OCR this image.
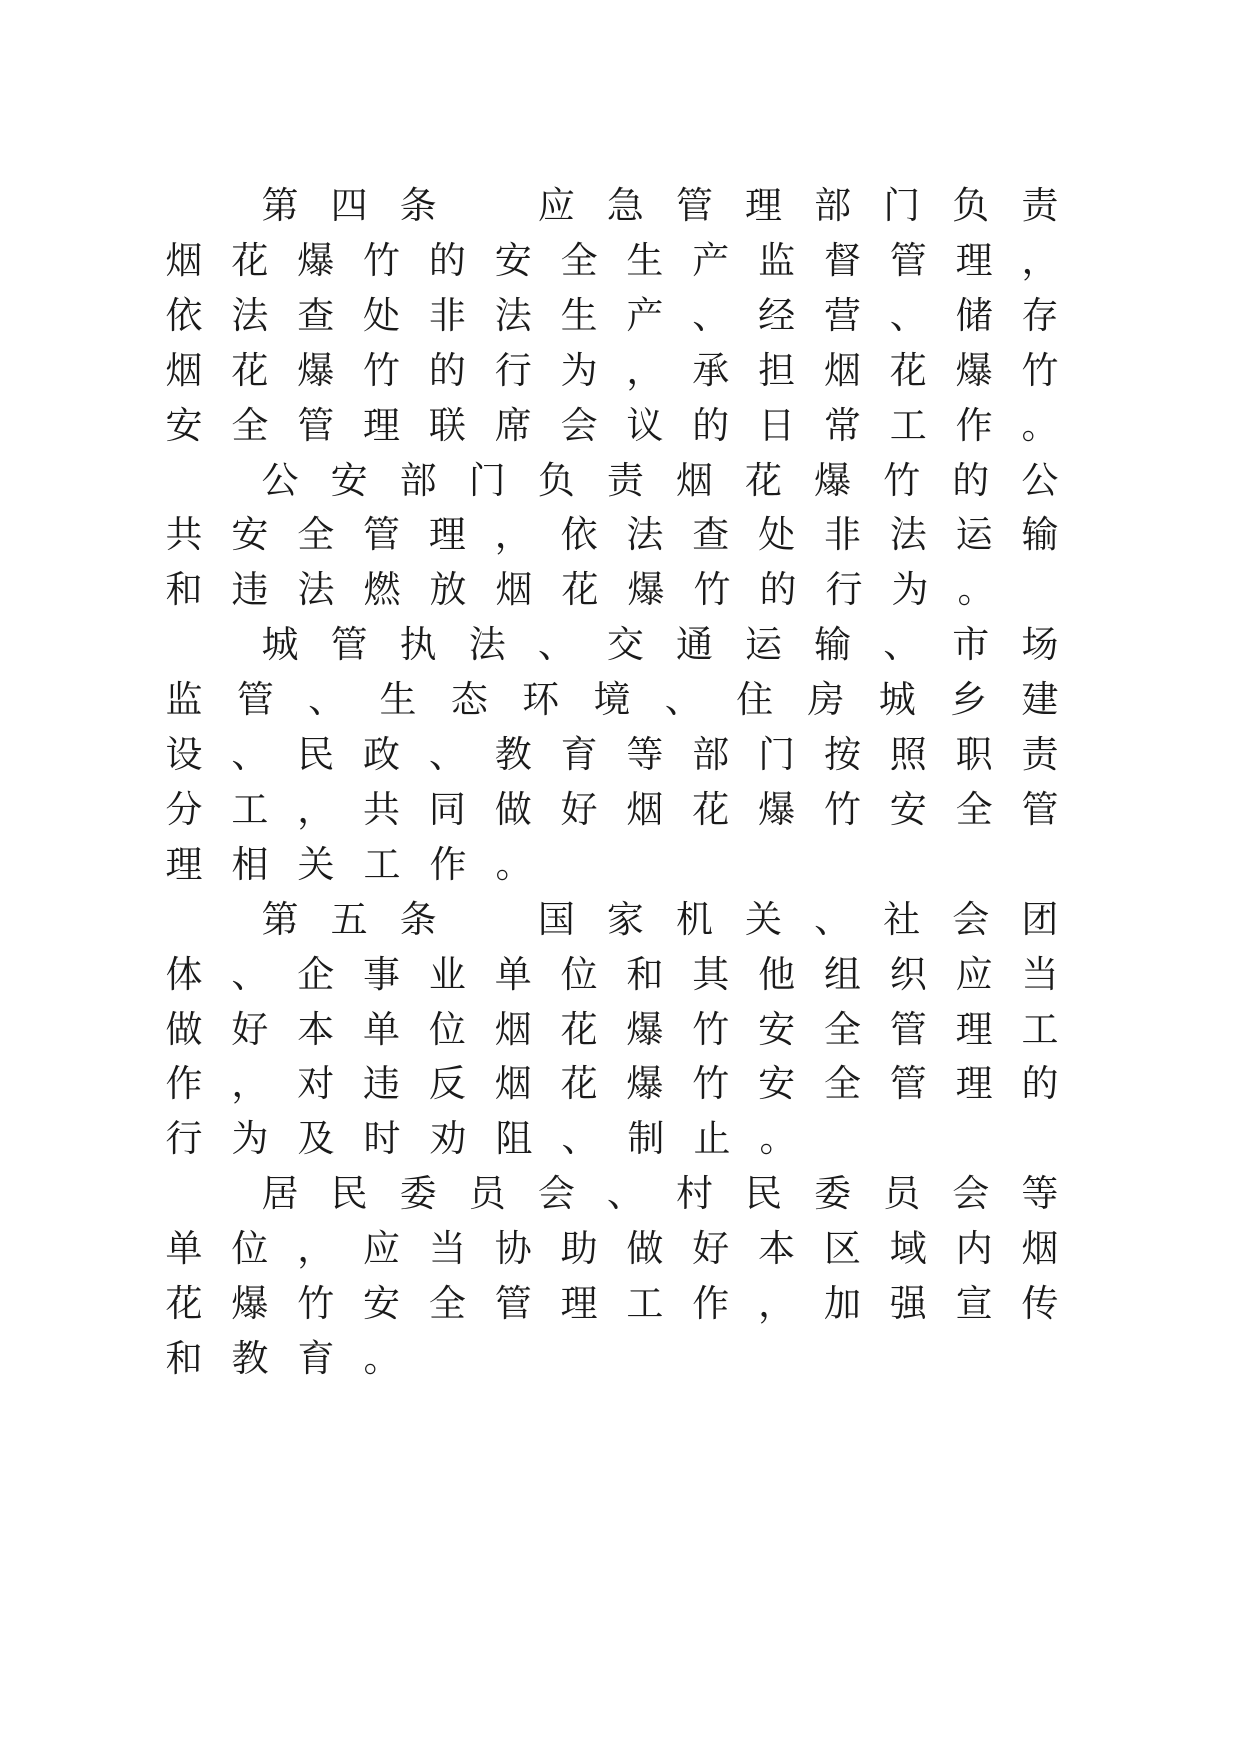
第 四 条	应 急 管 理 部 门 负 责
烟 花 爆 竹 的 安 全 生 产 监 督 管 理 ，
依 法 查 处 非 法 生 产 、 经 营 、 储 存
烟 花 爆 竹 的 行 为 ， 承 担 烟 花 爆 竹
安 全 管 理 联 席 会 议 的 日 常 工 作 。
公 安 部 门 负 责 烟 花 爆 竹 的 公
共 安 全 管 理 ， 依 法 查 处 非 法 运 输
和 违 法 燃 放 烟 花 爆 竹 的 行 为 。
城 管 执 法 、 交 通 运 输 、 市 场
监 管 、 生 态 环 境 、 住 房 城 乡 建
设 、 民 政 、 教 育 等 部 门 按 照 职 责
分 工 ， 共 同 做 好 烟 花 爆 竹 安 全 管
理 相 关 工 作 。
第 五 条	国 家 机 关 、 社 会 团
体 、 企 事 业 单 位 和 其 他 组 织 应 当
做 好 本 单 位 烟 花 爆 竹 安 全 管 理 工
作 ， 对 违 反 烟 花 爆 竹 安 全 管 理 的
行 为 及 时 劝 阻 、 制 止 。
居 民 委 员 会 、 村 民 委 员 会 等
单 位 ， 应 当 协 助 做 好 本 区 域 内 烟
花 爆 竹 安 全 管 理 工 作 ， 加 强 宣 传
和 教 育 。
